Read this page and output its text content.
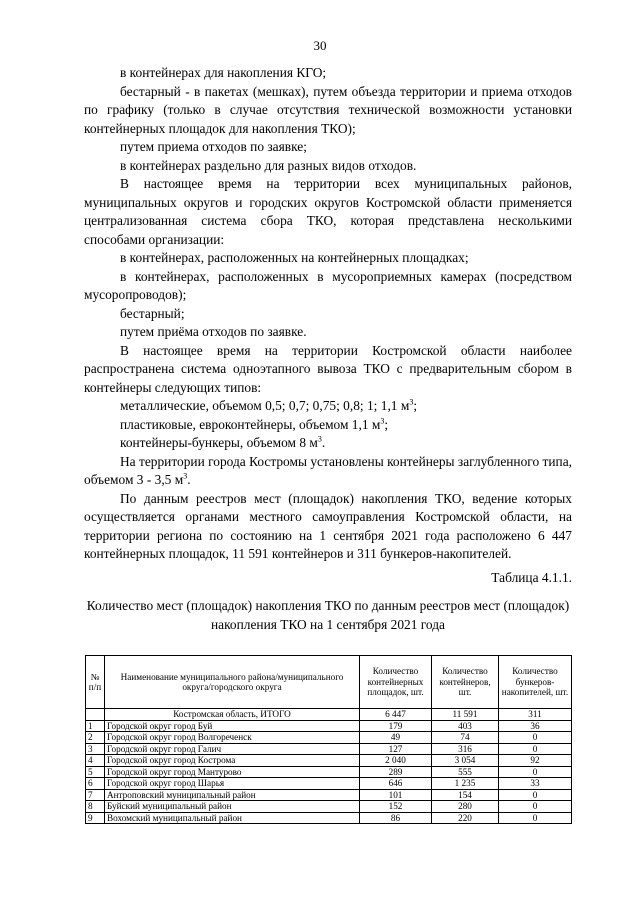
30

в контейнерах для накопления КГО;

бестарный - в пакетах (мешках), путем объезда территории и приема отходов по графику (только в случае отсутствия технической возможности установки контейнерных площадок для накопления ТКО);

путем приема отходов по заявке;

в контейнерах раздельно для разных видов отходов.

В настоящее время на территории всех муниципальных районов, муниципальных округов и городских округов Костромской области применяется централизованная система сбора ТКО, которая представлена несколькими способами организации:

в контейнерах, расположенных на контейнерных площадках;

в контейнерах, расположенных в мусороприемных камерах (посредством мусоропроводов);

бестарный;

путем приёма отходов по заявке.

В настоящее время на территории Костромской области наиболее распространена система одноэтапного вывоза ТКО с предварительным сбором в контейнеры следующих типов:

металлические, объемом 0,5; 0,7; 0,75; 0,8; 1; 1,1 $м^3$;

пластиковые, евроконтейнеры, объемом 1,1 $м^3$;

контейнеры-бункеры, объемом 8 $м^3$.

На территории города Костромы установлены контейнеры заглубленного типа, объемом 3 - 3,5 $м^3$.

По данным реестров мест (площадок) накопления ТКО, ведение которых осуществляется органами местного самоуправления Костромской области, на территории региона по состоянию на 1 сентября 2021 года расположено 6 447 контейнерных площадок, 11 591 контейнеров и 311 бункеров-накопителей.

Таблица 4.1.1.
Количество мест (площадок) накопления ТКО по данным реестров мест (площадок) накопления ТКО на 1 сентября 2021 года
№ п/п	Наименование муниципального района/муниципального округа/городского округа	Количество контейнерных площадок, шт.	Количество контейнеров, шт.	Количество бункеров-накопителей, шт.
	Костромская область, ИТОГО	6 447	11 591	311
1	Городской округ город Буй	179	403	36
2	Городской округ город Волгореченск	49	74	0
3	Городской округ город Галич	127	316	0
4	Городской округ город Кострома	2 040	3 054	92
5	Городской округ город Мантурово	289	555	0
6	Городской округ город Шарья	646	1 235	33
7	Антроповский муниципальный район	101	154	0
8	Буйский муниципальный район	152	280	0
9	Вохомский муниципальный район	86	220	0
